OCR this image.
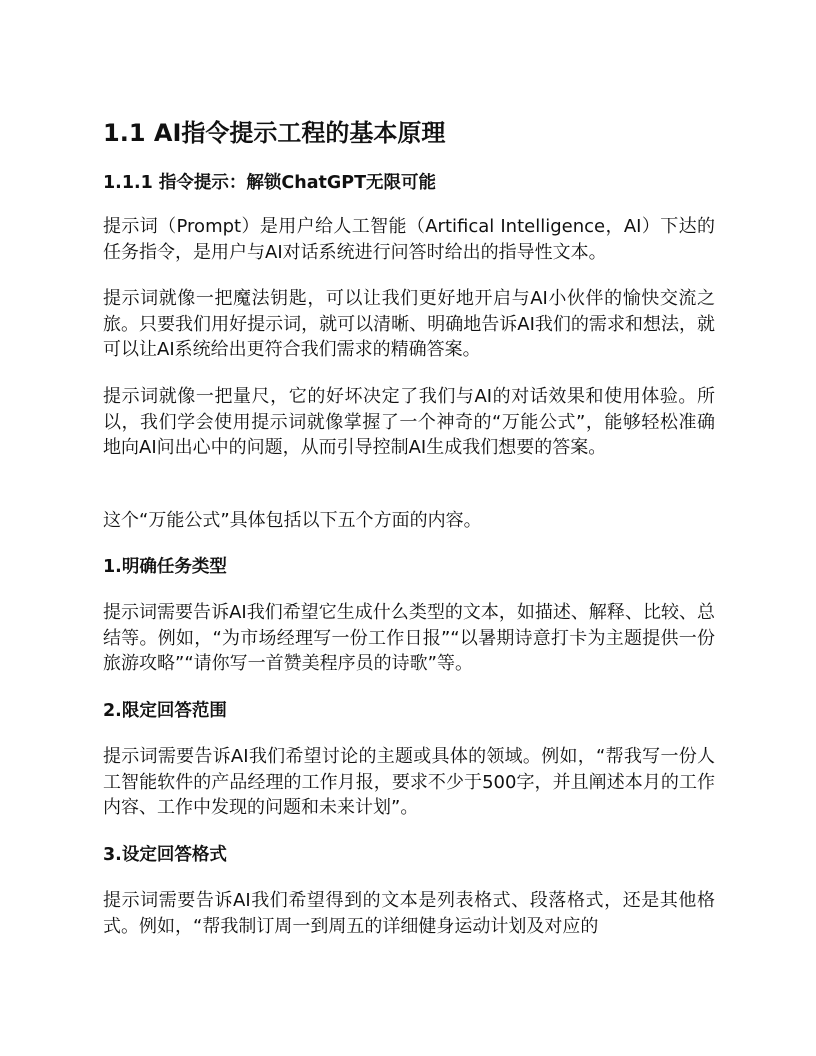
1.1 AI指令提示工程的基本原理
1.1.1 指令提示：解锁ChatGPT无限可能

提示词（Prompt）是用户给人工智能（Artifical Intelligence，AI）下达的任务指令，是用户与AI对话系统进行问答时给出的指导性文本。

提示词就像一把魔法钥匙，可以让我们更好地开启与AI小伙伴的愉快交流之旅。只要我们用好提示词，就可以清晰、明确地告诉AI我们的需求和想法，就可以让AI系统给出更符合我们需求的精确答案。

提示词就像一把量尺，它的好坏决定了我们与AI的对话效果和使用体验。所以，我们学会使用提示词就像掌握了一个神奇的“万能公式”，能够轻松准确地向AI问出心中的问题，从而引导控制AI生成我们想要的答案。

这个“万能公式”具体包括以下五个方面的内容。

1.明确任务类型

提示词需要告诉AI我们希望它生成什么类型的文本，如描述、解释、比较、总结等。例如，“为市场经理写一份工作日报”“以暑期诗意打卡为主题提供一份旅游攻略”“请你写一首赞美程序员的诗歌”等。

2.限定回答范围

提示词需要告诉AI我们希望讨论的主题或具体的领域。例如，“帮我写一份人工智能软件的产品经理的工作月报，要求不少于500字，并且阐述本月的工作内容、工作中发现的问题和未来计划”。

3.设定回答格式

提示词需要告诉AI我们希望得到的文本是列表格式、段落格式，还是其他格式。例如，“帮我制订周一到周五的详细健身运动计划及对应的
